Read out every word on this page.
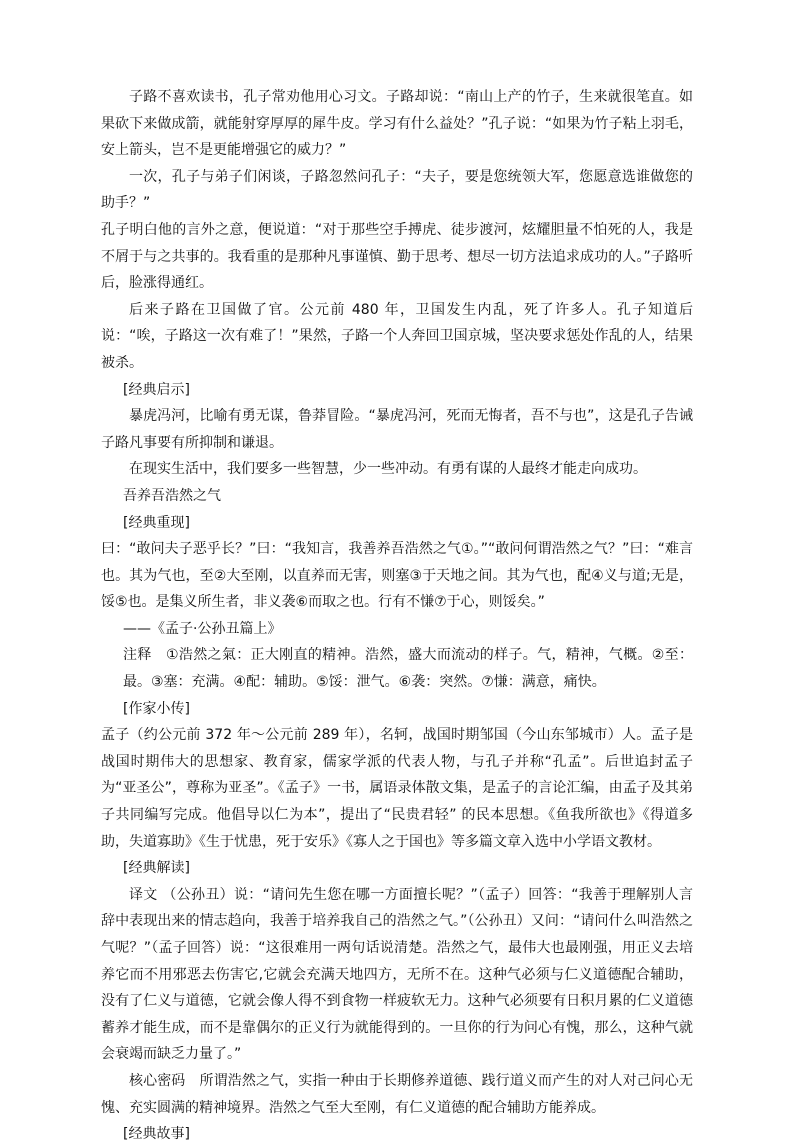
子路不喜欢读书，孔子常劝他用心习文。子路却说：“南山上产的竹子，生来就很笔直。如果砍下来做成箭，就能射穿厚厚的犀牛皮。学习有什么益处？”孔子说：“如果为竹子粘上羽毛，安上箭头，岂不是更能增强它的威力？”

一次，孔子与弟子们闲谈，子路忽然问孔子：“夫子，要是您统领大军，您愿意选谁做您的助手？”

孔子明白他的言外之意，便说道：“对于那些空手搏虎、徒步渡河，炫耀胆量不怕死的人，我是不屑于与之共事的。我看重的是那种凡事谨慎、勤于思考、想尽一切方法追求成功的人。”子路听后，脸涨得通红。

后来子路在卫国做了官。公元前 480 年，卫国发生内乱，死了许多人。孔子知道后说：“唉，子路这一次有难了！”果然，子路一个人奔回卫国京城，坚决要求惩处作乱的人，结果被杀。

[经典启示]

暴虎冯河，比喻有勇无谋，鲁莽冒险。“暴虎冯河，死而无悔者，吾不与也”，这是孔子告诫子路凡事要有所抑制和谦退。

在现实生活中，我们要多一些智慧，少一些冲动。有勇有谋的人最终才能走向成功。

吾养吾浩然之气

[经典重现]

曰：“敢问夫子恶乎长？”曰：“我知言，我善养吾浩然之气①。”“敢问何谓浩然之气？”曰：“难言也。其为气也，至②大至刚，以直养而无害，则塞③于天地之间。其为气也，配④义与道;无是，馁⑤也。是集义所生者，非义袭⑥而取之也。行有不慊⑦于心，则馁矣。”

——《孟子·公孙丑篇上》

注释　①浩然之氣：正大刚直的精神。浩然，盛大而流动的样子。气，精神，气概。②至：最。③塞：充满。④配：辅助。⑤馁：泄气。⑥袭：突然。⑦慊：满意，痛快。

[作家小传]

孟子（约公元前 372 年～公元前 289 年），名轲，战国时期邹国（今山东邹城市）人。孟子是战国时期伟大的思想家、教育家，儒家学派的代表人物，与孔子并称“孔孟”。后世追封孟子为“亚圣公”，尊称为亚圣”。《孟子》一书，属语录体散文集，是孟子的言论汇编，由孟子及其弟子共同编写完成。他倡导以仁为本”，提出了“民贵君轻” 的民本思想。《鱼我所欲也》《得道多助，失道寡助》《生于忧患，死于安乐》《寡人之于国也》等多篇文章入选中小学语文教材。

[经典解读]

译文 （公孙丑）说：“请问先生您在哪一方面擅长呢？”（孟子）回答：“我善于理解别人言辞中表现出来的情志趋向，我善于培养我自己的浩然之气。”（公孙丑）又问：“请问什么叫浩然之气呢？”（孟子回答）说：“这很难用一两句话说清楚。浩然之气，最伟大也最刚强，用正义去培养它而不用邪恶去伤害它,它就会充满天地四方，无所不在。这种气必须与仁义道德配合辅助，没有了仁义与道德，它就会像人得不到食物一样疲软无力。这种气必须要有日积月累的仁义道德蓄养才能生成，而不是靠偶尔的正义行为就能得到的。一旦你的行为问心有愧，那么，这种气就会衰竭而缺乏力量了。”

核心密码　所谓浩然之气，实指一种由于长期修养道德、践行道义而产生的对人对己问心无愧、充实圆满的精神境界。浩然之气至大至刚，有仁义道德的配合辅助方能养成。

[经典故事]
